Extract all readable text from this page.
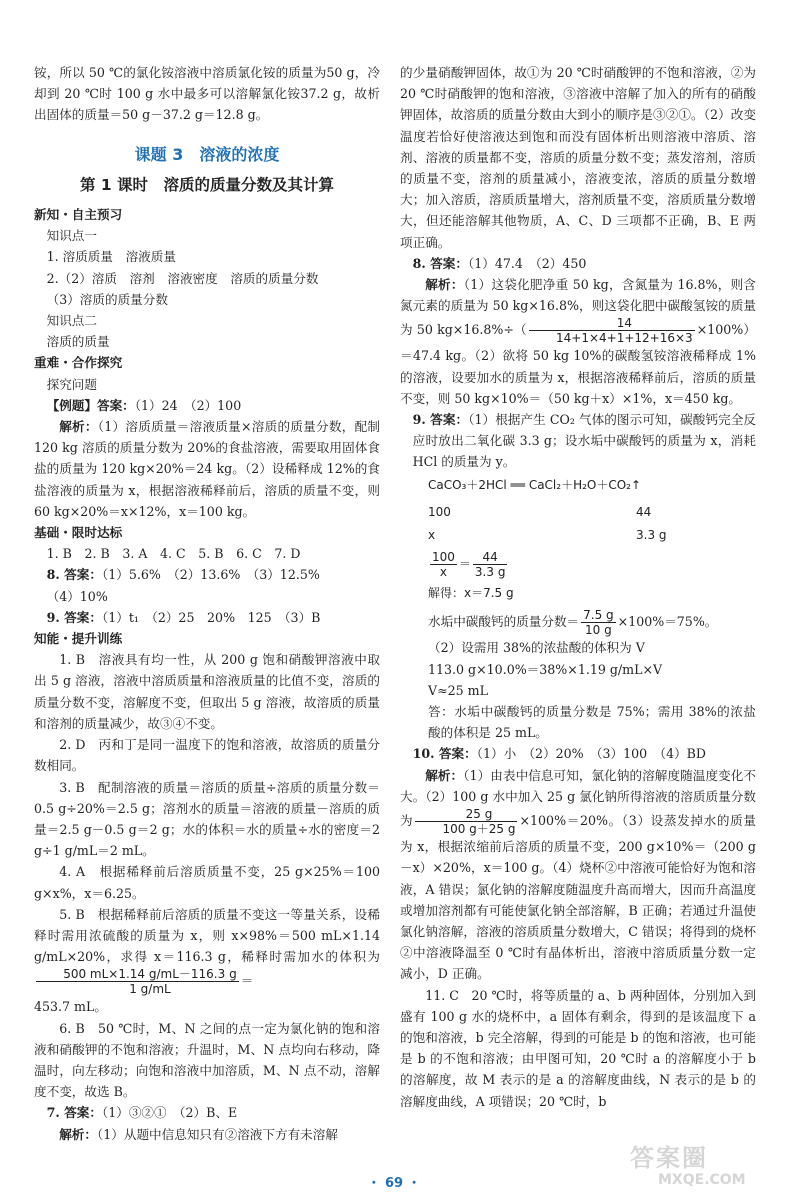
铵，所以 50 ℃的氯化铵溶液中溶质氯化铵的质量为50 g，冷却到 20 ℃时 100 g 水中最多可以溶解氯化铵37.2 g，故析出固体的质量＝50 g－37.2 g＝12.8 g。

课题 3　溶液的浓度
第 1 课时　溶质的质量分数及其计算
新知・自主预习
知识点一
1. 溶质质量　溶液质量
2.（2）溶质　溶剂　溶液密度　溶质的质量分数
（3）溶质的质量分数
知识点二
溶质的质量
重难・合作探究
探究问题
【例题】答案：（1）24　（2）100

解析：（1）溶质质量＝溶液质量×溶质的质量分数，配制 120 kg 溶质的质量分数为 20%的食盐溶液，需要取用固体食盐的质量为 120 kg×20%＝24 kg。（2）设稀释成 12%的食盐溶液的质量为 x，根据溶液稀释前后，溶质的质量不变，则 60 kg×20%＝x×12%，x＝100 kg。

基础・限时达标
1. B　2. B　3. A　4. C　5. B　6. C　7. D
8. 答案：（1）5.6%　（2）13.6%　（3）12.5%
（4）10%
9. 答案：（1）t₁　（2）25　20%　125　（3）B
知能・提升训练

1. B　溶液具有均一性，从 200 g 饱和硝酸钾溶液中取出 5 g 溶液，溶液中溶质质量和溶液质量的比值不变，溶质的质量分数不变，溶解度不变，但取出 5 g 溶液，故溶质的质量和溶剂的质量减少，故③④不变。

2. D　丙和丁是同一温度下的饱和溶液，故溶质的质量分数相同。

3. B　配制溶液的质量＝溶质的质量÷溶质的质量分数＝0.5 g÷20%＝2.5 g；溶剂水的质量＝溶液的质量－溶质的质量＝2.5 g－0.5 g＝2 g；水的体积＝水的质量÷水的密度＝2 g÷1 g/mL＝2 mL。

4. A　根据稀释前后溶质质量不变，25 g×25%＝100 g×x%，x＝6.25。

5. B　根据稀释前后溶质的质量不变这一等量关系，设稀释时需用浓硫酸的质量为 x，则 x×98%＝500 mL×1.14 g/mL×20%，求得 x＝116.3 g，稀释时需加水的体积为
$\frac{500 mL\times 1.14 g/mL-116.3 g}{1 g/mL}$ ＝

453.7 mL。

6. B　50 ℃时，M、N 之间的点一定为氯化钠的饱和溶液和硝酸钾的不饱和溶液；升温时，M、N 点均向右移动，降温时，向左移动；向饱和溶液中加溶质，M、N 点不动，溶解度不变，故选 B。

7. 答案：（1）③②①　（2）B、E

解析：（1）从题中信息知只有②溶液下方有未溶解

的少量硝酸钾固体，故①为 20 ℃时硝酸钾的不饱和溶液，②为 20 ℃时硝酸钾的饱和溶液，③溶液中溶解了加入的所有的硝酸钾固体，故溶质的质量分数由大到小的顺序是③②①。（2）改变温度若恰好使溶液达到饱和而没有固体析出则溶液中溶质、溶剂、溶液的质量都不变，溶质的质量分数不变；蒸发溶剂，溶质的质量不变，溶剂的质量减小，溶液变浓，溶质的质量分数增大；加入溶质，溶质质量增大，溶剂质量不变，溶质质量分数增大，但还能溶解其他物质，A、C、D 三项都不正确，B、E 两项正确。

8. 答案：（1）47.4　（2）450

解析：（1）这袋化肥净重 50 kg，含氮量为 16.8%，则含氮元素的质量为 50 kg×16.8%，则这袋化肥中碳酸氢铵的质量为 50 $kg\times 16.8\%\div( \frac{14}{14+1\times 4+1+12+16\times 3} \times 100\%)=47.4$ kg。（2）欲将 50 kg 10%的碳酸氢铵溶液稀释成 1%的溶液，设要加水的质量为 x，根据溶液稀释前后，溶质的质量不变，则 50 kg×10%＝（50 kg＋x）×1%，x＝450 kg。

9. 答案：（1）根据产生 CO₂ 气体的图示可知，碳酸钙完全反应时放出二氧化碳 3.3 g；设水垢中碳酸钙的质量为 x，消耗 HCl 的质量为 y。
CaCO₃＋2HCl ══ CaCl₂＋H₂O＋CO₂↑
100	44
x	3.3 g
$\frac{100}{x} = \frac{44}{3.3 g}$
解得：x＝7.5 g
水垢中碳酸钙的质量分数＝ $\frac{7.5 g}{10 g} \times 100\%=75\%$。
（2）设需用 38%的浓盐酸的体积为 V
113.0 g×10.0%＝38%×1.19 g/mL×V
V≈25 mL

答：水垢中碳酸钙的质量分数是 75%；需用 38%的浓盐酸的体积是 25 mL。

10. 答案：（1）小　（2）20%　（3）100　（4）BD

解析：（1）由表中信息可知，氯化钠的溶解度随温度变化不大。（2）100 g 水中加入 25 g 氯化钠所得溶液的溶质质量分数为 $\frac{25 g}{100 g+25 g} \times 100\%=20\%$。（3）设蒸发掉水的质量为 x，根据浓缩前后溶质的质量不变，200 g×10%＝（200 g－x）×20%，x＝100 g。（4）烧杯②中溶液可能恰好为饱和溶液，A 错误；氯化钠的溶解度随温度升高而增大，因而升高温度或增加溶剂都有可能使氯化钠全部溶解，B 正确；若通过升温使氯化钠溶解，溶液的溶质质量分数增大，C 错误；将得到的烧杯②中溶液降温至 0 ℃时有晶体析出，溶液中溶质质量分数一定减小，D 正确。

11. C　20 ℃时，将等质量的 a、b 两种固体，分别加入到盛有 100 g 水的烧杯中，a 固体有剩余，得到的是该温度下 a 的饱和溶液，b 完全溶解，得到的可能是 b 的饱和溶液，也可能是 b 的不饱和溶液；由甲图可知，20 ℃时 a 的溶解度小于 b 的溶解度，故 M 表示的是 a 的溶解度曲线，N 表示的是 b 的溶解度曲线，A 项错误；20 ℃时，b

・ 69 ・
答案圈
MXQE.COM
